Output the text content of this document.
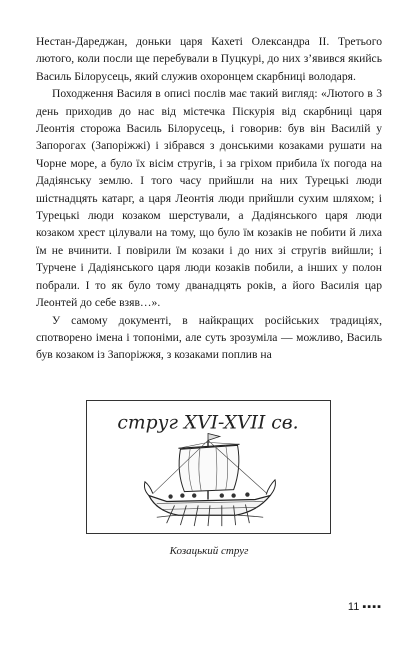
Нестан-Дареджан, доньки царя Кахеті Олександра II. Третього лютого, коли посли ще перебували в Пуцкурі, до них з’явився якийсь Василь Білорусець, який служив охоронцем скарбниці володаря.

Походження Василя в описі послів має такий вигляд: «Лютого в 3 день приходив до нас від містечка Піскурія від скарбниці царя Леонтія сторожа Василь Білорусець, і говорив: був він Василій у Запорогах (Запоріжжі) і зібрався з донськими козаками рушати на Чорне море, а було їх вісім стругів, і за гріхом прибила їх погода на Дадіянську землю. І того часу прийшли на них Турецькі люди шістнадцять катарг, а царя Леонтія люди прийшли сухим шляхом; і Турецькі люди козаком шерстували, а Дадіянського царя люди козаком хрест цілували на тому, що було їм козаків не побити й лиха їм не вчинити. І повірили їм козаки і до них зі стругів вийшли; і Турчене і Дадіянського царя люди козаків побили, а інших у полон побрали. І то як було тому дванадцять років, а його Василія цар Леонтей до себе взяв…».

У самому документі, в найкращих російських традиціях, спотворено імена і топоніми, але суть зрозуміла — можливо, Василь був козаком із Запоріжжя, з козаками поплив на

струг XVI-XVII св.
Козацький струг
11 ▪▪▪▪
